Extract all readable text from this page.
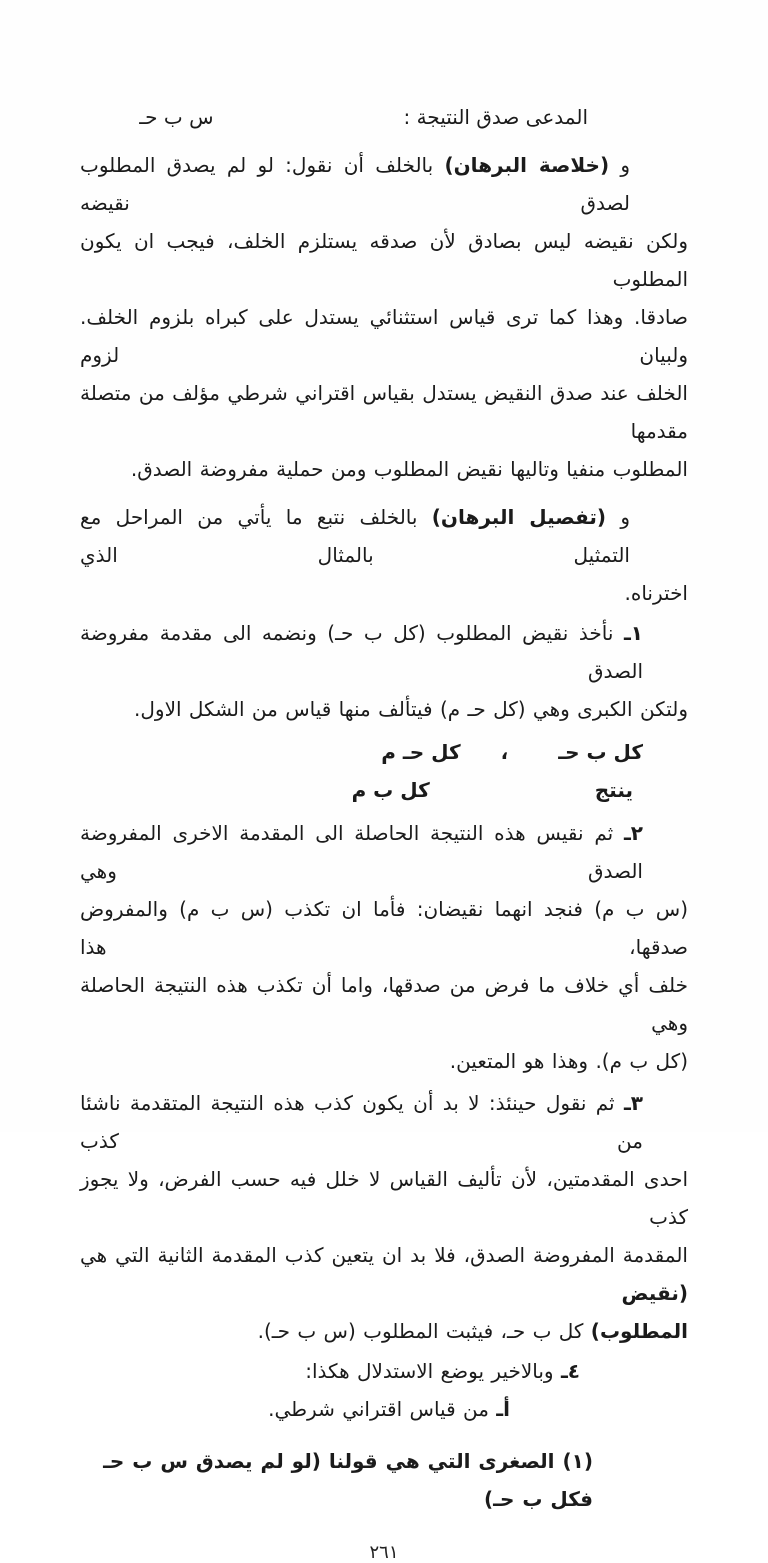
المدعى صدق النتيجة :
س ب حـ
و (خلاصة البرهان) بالخلف أن نقول: لو لم يصدق المطلوب لصدق نقيضه
ولكن نقيضه ليس بصادق لأن صدقه يستلزم الخلف، فيجب ان يكون المطلوب
صادقا. وهذا كما ترى قياس استثنائي يستدل على كبراه بلزوم الخلف. ولبيان لزوم
الخلف عند صدق النقيض يستدل بقياس اقتراني شرطي مؤلف من متصلة مقدمها
المطلوب منفيا وتاليها نقيض المطلوب ومن حملية مفروضة الصدق.
و (تفصيل البرهان) بالخلف نتبع ما يأتي من المراحل مع التمثيل بالمثال الذي
اخترناه.
١ـ نأخذ نقيض المطلوب (كل ب حـ) ونضمه الى مقدمة مفروضة الصدق
ولتكن الكبرى وهي (كل حـ م) فيتألف منها قياس من الشكل الاول.
كل ب حـ
،
كل حـ م
ينتج
كل ب م
٢ـ ثم نقيس هذه النتيجة الحاصلة الى المقدمة الاخرى المفروضة الصدق وهي
(س ب م) فنجد انهما نقيضان: فأما ان تكذب (س ب م) والمفروض صدقها، هذا
خلف أي خلاف ما فرض من صدقها، واما أن تكذب هذه النتيجة الحاصلة وهي
(كل ب م). وهذا هو المتعين.
٣ـ ثم نقول حينئذ: لا بد أن يكون كذب هذه النتيجة المتقدمة ناشئا من كذب
احدى المقدمتين، لأن تأليف القياس لا خلل فيه حسب الفرض، ولا يجوز كذب
المقدمة المفروضة الصدق، فلا بد ان يتعين كذب المقدمة الثانية التي هي (نقيض
المطلوب) كل ب حـ، فيثبت المطلوب (س ب حـ).
٤ـ وبالاخير يوضع الاستدلال هكذا:
أـ من قياس اقتراني شرطي.
(١) الصغرى التي هي قولنا (لو لم يصدق س ب حـ فكل ب حـ)
٢٦١
